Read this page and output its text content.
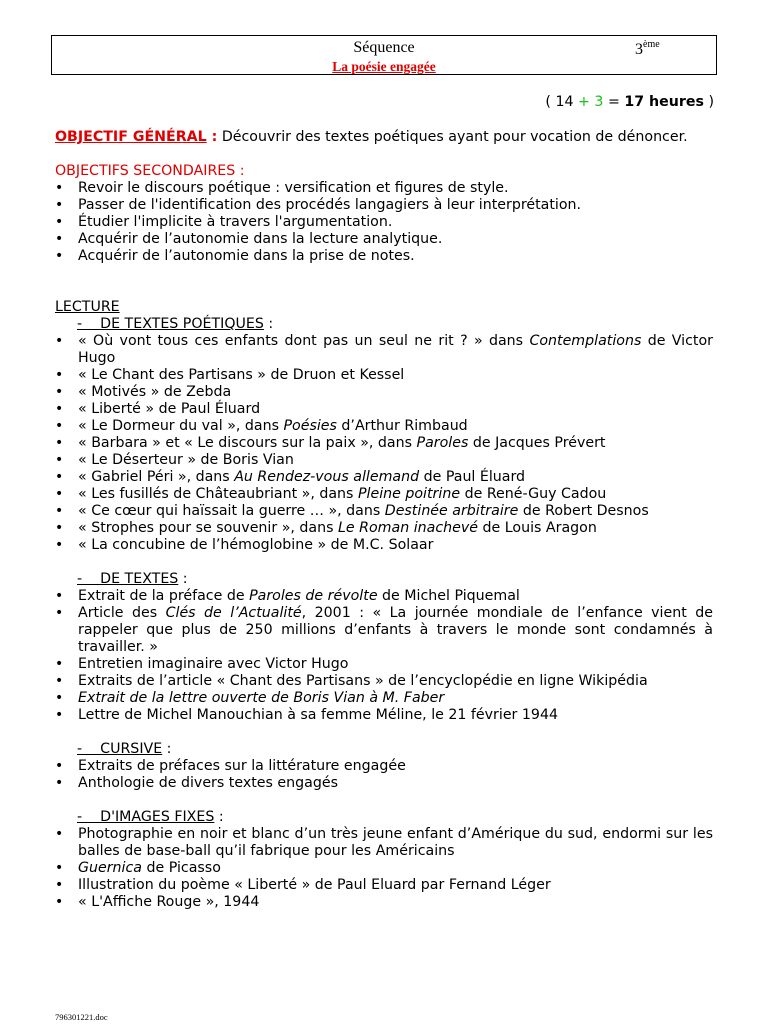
Séquence	3ème
La poésie engagée
( 14 + 3 = 17 heures )
OBJECTIF GÉNÉRAL : Découvrir des textes poétiques ayant pour vocation de dénoncer.
OBJECTIFS SECONDAIRES :
• Revoir le discours poétique : versification et figures de style.
• Passer de l'identification des procédés langagiers à leur interprétation.
• Étudier l'implicite à travers l'argumentation.
• Acquérir de l’autonomie dans la lecture analytique.
• Acquérir de l’autonomie dans la prise de notes.
LECTURE
-    DE TEXTES POÉTIQUES :
• « Où vont tous ces enfants dont pas un seul ne rit ? » dans Contemplations de Victor Hugo
• « Le Chant des Partisans » de Druon et Kessel
• « Motivés » de Zebda
• « Liberté » de Paul Éluard
• « Le Dormeur du val », dans Poésies d’Arthur Rimbaud
• « Barbara » et « Le discours sur la paix », dans Paroles de Jacques Prévert
• « Le Déserteur » de Boris Vian
• « Gabriel Péri », dans Au Rendez-vous allemand de Paul Éluard
• « Les fusillés de Châteaubriant », dans Pleine poitrine de René-Guy Cadou
• « Ce cœur qui haïssait la guerre … », dans Destinée arbitraire de Robert Desnos
• « Strophes pour se souvenir », dans Le Roman inachevé de Louis Aragon
• « La concubine de l’hémoglobine » de M.C. Solaar
-    DE TEXTES :
• Extrait de la préface de Paroles de révolte de Michel Piquemal
• Article des Clés de l’Actualité, 2001 : « La journée mondiale de l’enfance vient de rappeler que plus de 250 millions d’enfants à travers le monde sont condamnés à travailler. »
• Entretien imaginaire avec Victor Hugo
• Extraits de l’article « Chant des Partisans » de l’encyclopédie en ligne Wikipédia
• Extrait de la lettre ouverte de Boris Vian à M. Faber
• Lettre de Michel Manouchian à sa femme Méline, le 21 février 1944
-    CURSIVE :
• Extraits de préfaces sur la littérature engagée
• Anthologie de divers textes engagés
-    D'IMAGES FIXES :
• Photographie en noir et blanc d’un très jeune enfant d’Amérique du sud, endormi sur les balles de base-ball qu’il fabrique pour les Américains
• Guernica de Picasso
• Illustration du poème « Liberté » de Paul Eluard par Fernand Léger
• « L'Affiche Rouge », 1944
796301221.doc
